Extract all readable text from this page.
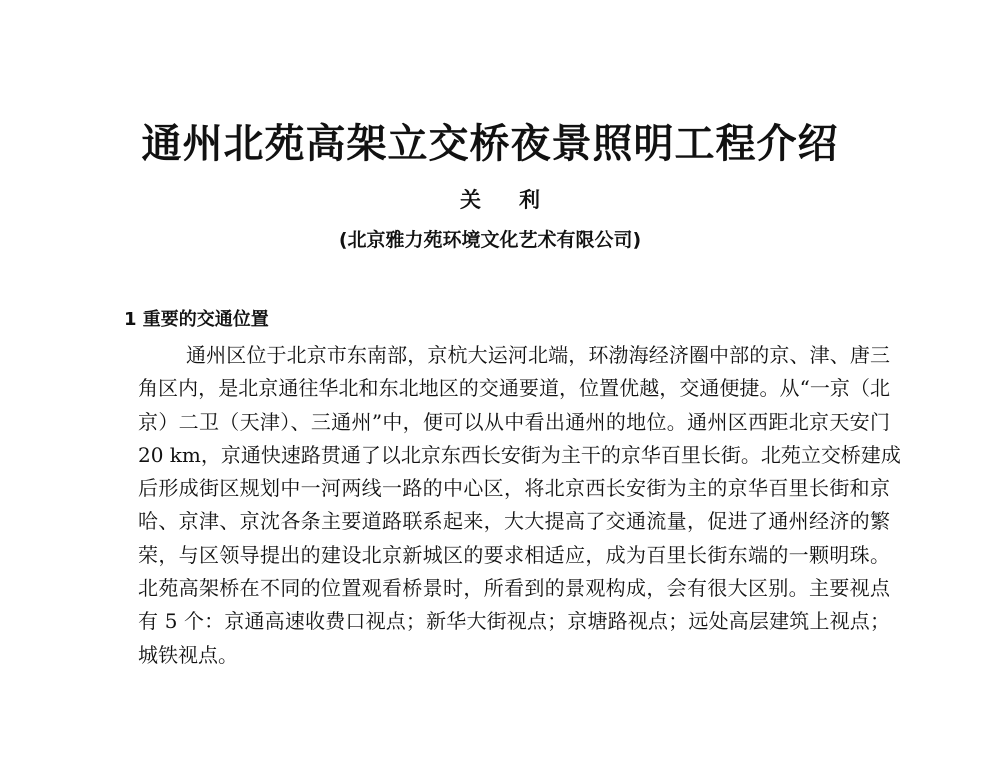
通州北苑高架立交桥夜景照明工程介绍
关利
(北京雅力苑环境文化艺术有限公司)
1 重要的交通位置
通州区位于北京市东南部，京杭大运河北端，环渤海经济圈中部的京、津、唐三
角区内，是北京通往华北和东北地区的交通要道，位置优越，交通便捷。从“一京（北
京）二卫（天津）、三通州”中，便可以从中看出通州的地位。通州区西距北京天安门
20 km，京通快速路贯通了以北京东西长安街为主干的京华百里长街。北苑立交桥建成
后形成街区规划中一河两线一路的中心区，将北京西长安街为主的京华百里长街和京
哈、京津、京沈各条主要道路联系起来，大大提高了交通流量，促进了通州经济的繁
荣，与区领导提出的建设北京新城区的要求相适应，成为百里长街东端的一颗明珠。
北苑高架桥在不同的位置观看桥景时，所看到的景观构成，会有很大区别。主要视点
有 5 个：京通高速收费口视点；新华大街视点；京塘路视点；远处高层建筑上视点；
城铁视点。
